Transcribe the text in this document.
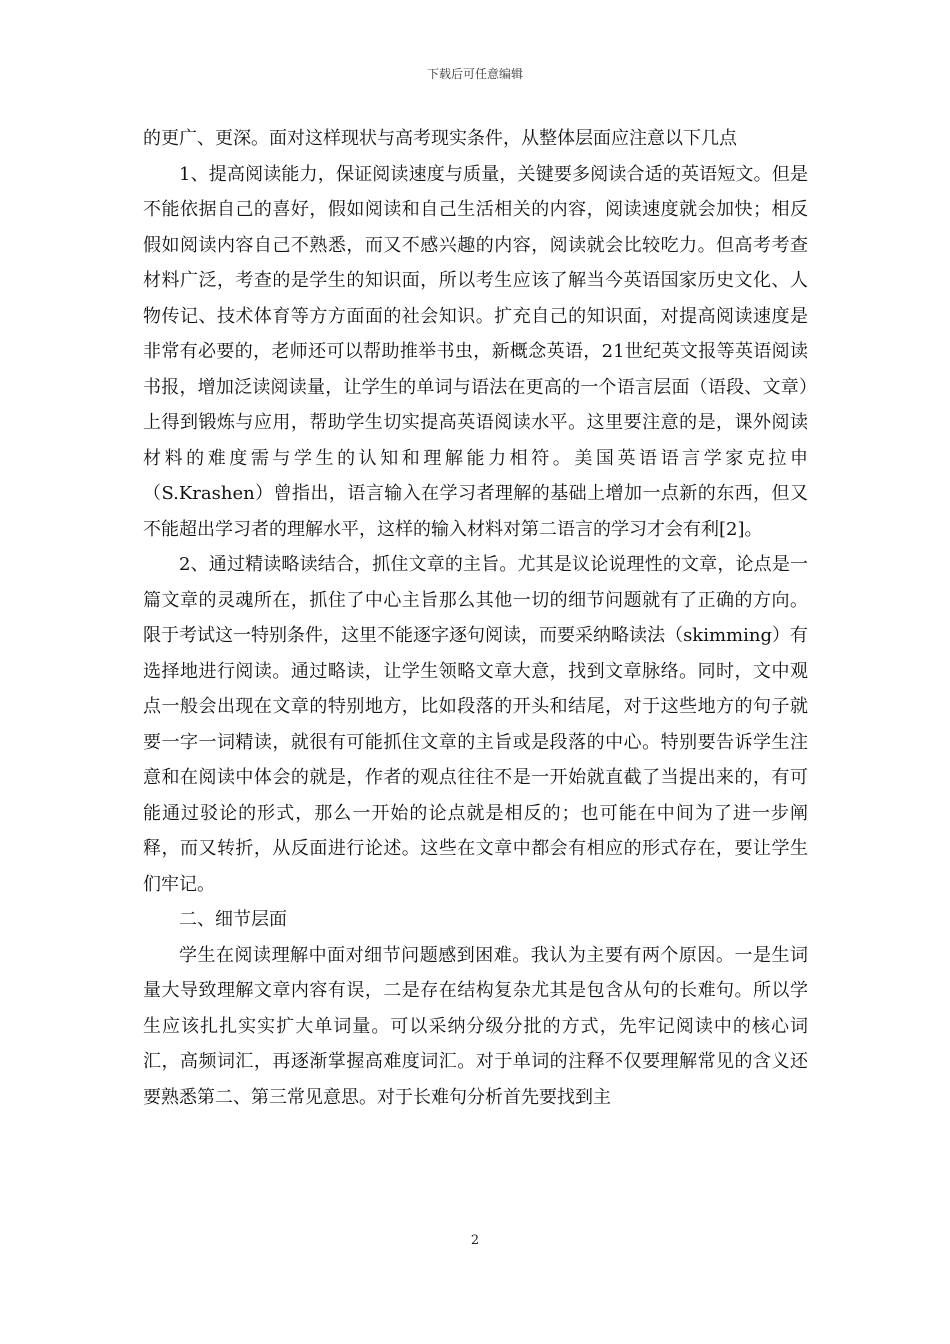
下载后可任意编辑

的更广、更深。面对这样现状与高考现实条件，从整体层面应注意以下几点

1、提高阅读能力，保证阅读速度与质量，关键要多阅读合适的英语短文。但是不能依据自己的喜好，假如阅读和自己生活相关的内容，阅读速度就会加快；相反假如阅读内容自己不熟悉，而又不感兴趣的内容，阅读就会比较吃力。但高考考查材料广泛，考查的是学生的知识面，所以考生应该了解当今英语国家历史文化、人物传记、技术体育等方方面面的社会知识。扩充自己的知识面，对提高阅读速度是非常有必要的，老师还可以帮助推举书虫，新概念英语，21世纪英文报等英语阅读书报，增加泛读阅读量，让学生的单词与语法在更高的一个语言层面（语段、文章）上得到锻炼与应用，帮助学生切实提高英语阅读水平。这里要注意的是，课外阅读材料的难度需与学生的认知和理解能力相符。美国英语语言学家克拉申（S.Krashen）曾指出，语言输入在学习者理解的基础上增加一点新的东西，但又不能超出学习者的理解水平，这样的输入材料对第二语言的学习才会有利[2]。

2、通过精读略读结合，抓住文章的主旨。尤其是议论说理性的文章，论点是一篇文章的灵魂所在，抓住了中心主旨那么其他一切的细节问题就有了正确的方向。限于考试这一特别条件，这里不能逐字逐句阅读，而要采纳略读法（skimming）有选择地进行阅读。通过略读，让学生领略文章大意，找到文章脉络。同时，文中观点一般会出现在文章的特别地方，比如段落的开头和结尾，对于这些地方的句子就要一字一词精读，就很有可能抓住文章的主旨或是段落的中心。特别要告诉学生注意和在阅读中体会的就是，作者的观点往往不是一开始就直截了当提出来的，有可能通过驳论的形式，那么一开始的论点就是相反的；也可能在中间为了进一步阐释，而又转折，从反面进行论述。这些在文章中都会有相应的形式存在，要让学生们牢记。

二、细节层面

学生在阅读理解中面对细节问题感到困难。我认为主要有两个原因。一是生词量大导致理解文章内容有误，二是存在结构复杂尤其是包含从句的长难句。所以学生应该扎扎实实扩大单词量。可以采纳分级分批的方式，先牢记阅读中的核心词汇，高频词汇，再逐渐掌握高难度词汇。对于单词的注释不仅要理解常见的含义还要熟悉第二、第三常见意思。对于长难句分析首先要找到主

2
